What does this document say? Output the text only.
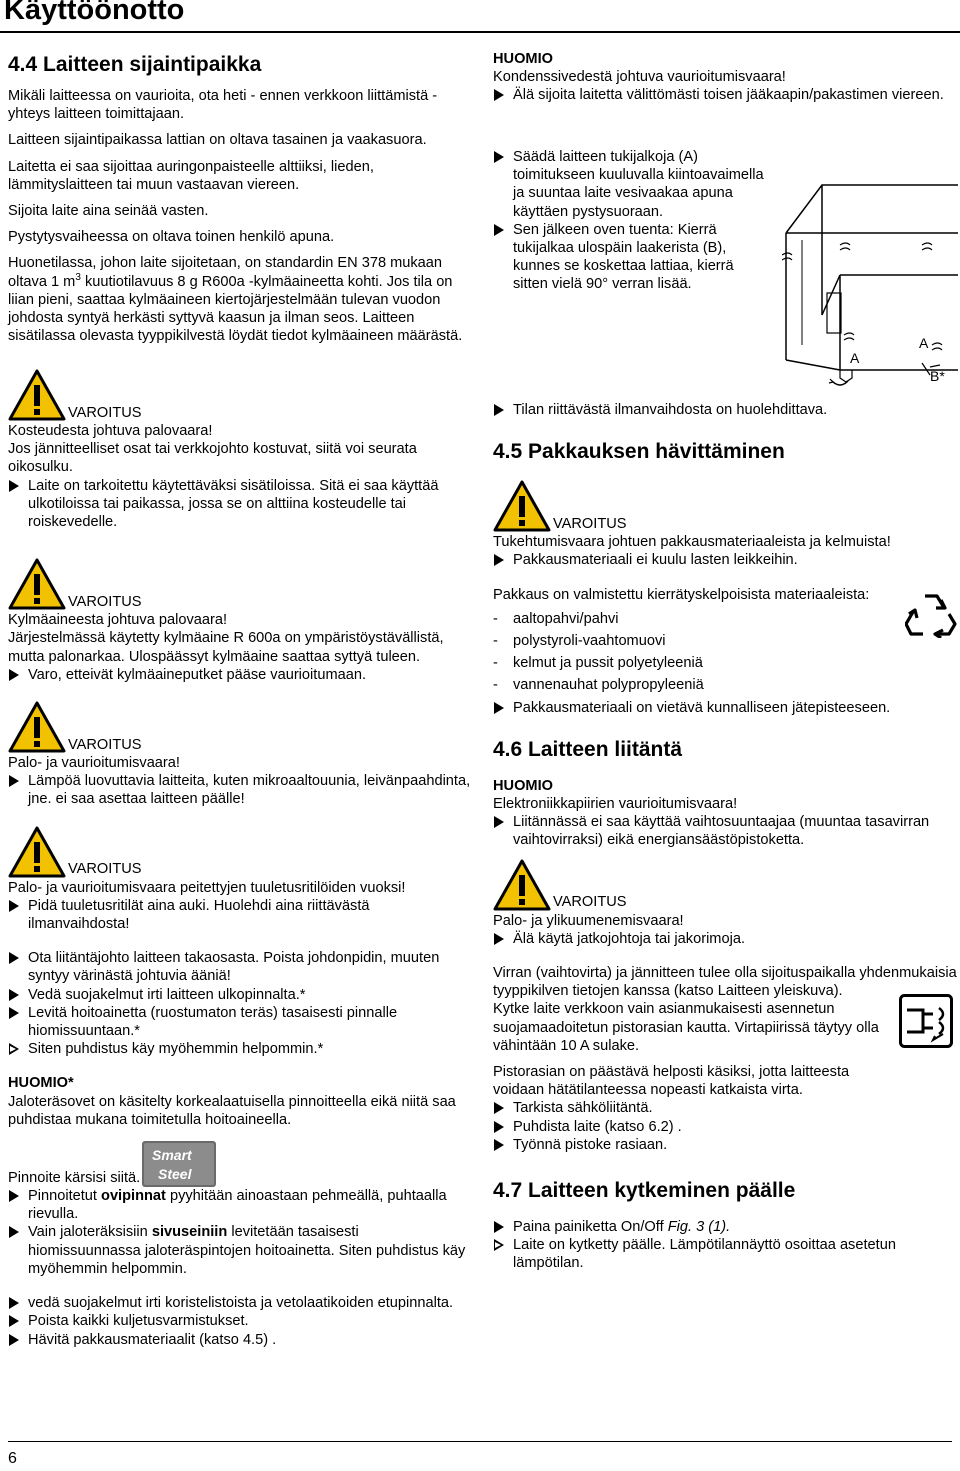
Käyttöönotto
4.4 Laitteen sijaintipaikka

Mikäli laitteessa on vaurioita, ota heti - ennen verkkoon liittämistä - yhteys laitteen toimittajaan.

Laitteen sijaintipaikassa lattian on oltava tasainen ja vaakasuora.

Laitetta ei saa sijoittaa auringonpaisteelle alttiiksi, lieden, lämmityslaitteen tai muun vastaavan viereen.

Sijoita laite aina seinää vasten.

Pystytysvaiheessa on oltava toinen henkilö apuna.

Huonetilassa, johon laite sijoitetaan, on standardin EN 378 mukaan oltava 1 $m^3$ kuutiotilavuus 8 g R600a -kylmäaineetta kohti. Jos tila on liian pieni, saattaa kylmäaineen kiertojärjestelmään tulevan vuodon johdosta syntyä herkästi syttyvä kaasun ja ilman seos. Laitteen sisätilassa olevasta tyyppikilvestä löydät tiedot kylmäaineen määrästä.

VAROITUS

Kosteudesta johtuva palovaara!

Jos jännitteelliset osat tai verkkojohto kostuvat, siitä voi seurata oikosulku.

Laite on tarkoitettu käytettäväksi sisätiloissa. Sitä ei saa käyttää ulkotiloissa tai paikassa, jossa se on alttiina kosteudelle tai roiskevedelle.

VAROITUS

Kylmäaineesta johtuva palovaara!

Järjestelmässä käytetty kylmäaine R 600a on ympäristöystävällistä, mutta palonarkaa. Ulospäässyt kylmäaine saattaa syttyä tuleen.

Varo, etteivät kylmäaineputket pääse vaurioitumaan.

VAROITUS

Palo- ja vaurioitumisvaara!

Lämpöä luovuttavia laitteita, kuten mikroaaltouunia, leivänpaahdinta, jne. ei saa asettaa laitteen päälle!

VAROITUS

Palo- ja vaurioitumisvaara peitettyjen tuuletusritilöiden vuoksi!

Pidä tuuletusritilät aina auki. Huolehdi aina riittävästä ilmanvaihdosta!

Ota liitäntäjohto laitteen takaosasta. Poista johdonpidin, muuten syntyy värinästä johtuvia ääniä!

Vedä suojakelmut irti laitteen ulkopinnalta.*

Levitä hoitoainetta (ruostumaton teräs) tasaisesti pinnalle hiomissuuntaan.*

Siten puhdistus käy myöhemmin helpommin.*

HUOMIO*

Jaloteräsovet on käsitelty korkealaatuisella pinnoitteella eikä niitä saa puhdistaa mukana toimitetulla hoitoaineella.

Pinnoite kärsisi siitä.
Smart
Steel

Pinnoitetut ovipinnat pyyhitään ainoastaan pehmeällä, puhtaalla rievulla.

Vain jaloteräksisiin sivuseiniin levitetään tasaisesti hiomissuunnassa jaloteräspintojen hoitoainetta. Siten puhdistus käy myöhemmin helpommin.

vedä suojakelmut irti koristelistoista ja vetolaatikoiden etupinnalta.

Poista kaikki kuljetusvarmistukset.

Hävitä pakkausmateriaalit (katso 4.5) .

HUOMIO

Kondenssivedestä johtuva vaurioitumisvaara!

Älä sijoita laitetta välittömästi toisen jääkaapin/pakastimen viereen.

Säädä laitteen tukijalkoja (A) toimitukseen kuuluvalla kiintoavaimella ja suuntaa laite vesivaakaa apuna käyttäen pystysuoraan.

Sen jälkeen oven tuenta: Kierrä tukijalkaa ulospäin laakerista (B), kunnes se koskettaa lattiaa, kierrä sitten vielä 90° verran lisää.

A
A
B*

Tilan riittävästä ilmanvaihdosta on huolehdittava.

4.5 Pakkauksen hävittäminen
VAROITUS

Tukehtumisvaara johtuen pakkausmateriaaleista ja kelmuista!

Pakkausmateriaali ei kuulu lasten leikkeihin.

Pakkaus on valmistettu kierrätyskelpoisista materiaaleista:

- aaltopahvi/pahvi

- polystyroli-vaahtomuovi

- kelmut ja pussit polyetyleeniä

- vannenauhat polypropyleeniä

Pakkausmateriaali on vietävä kunnalliseen jätepisteeseen.

4.6 Laitteen liitäntä

HUOMIO

Elektroniikkapiirien vaurioitumisvaara!

Liitännässä ei saa käyttää vaihtosuuntaajaa (muuntaa tasavirran vaihtovirraksi) eikä energiansäästöpistoketta.

VAROITUS

Palo- ja ylikuumenemisvaara!

Älä käytä jatkojohtoja tai jakorimoja.

Virran (vaihtovirta) ja jännitteen tulee olla sijoituspaikalla yhdenmukaisia tyyppikilven tietojen kanssa (katso Laitteen yleiskuva).

Kytke laite verkkoon vain asianmukaisesti asennetun suojamaadoitetun pistorasian kautta. Virtapiirissä täytyy olla vähintään 10 A sulake.

Pistorasian on päästävä helposti käsiksi, jotta laitteesta voidaan hätätilanteessa nopeasti katkaista virta.

Tarkista sähköliitäntä.

Puhdista laite (katso 6.2) .

Työnnä pistoke rasiaan.

4.7 Laitteen kytkeminen päälle

Paina painiketta On/Off Fig. 3 (1).

Laite on kytketty päälle. Lämpötilannäyttö osoittaa asetetun lämpötilan.

6
